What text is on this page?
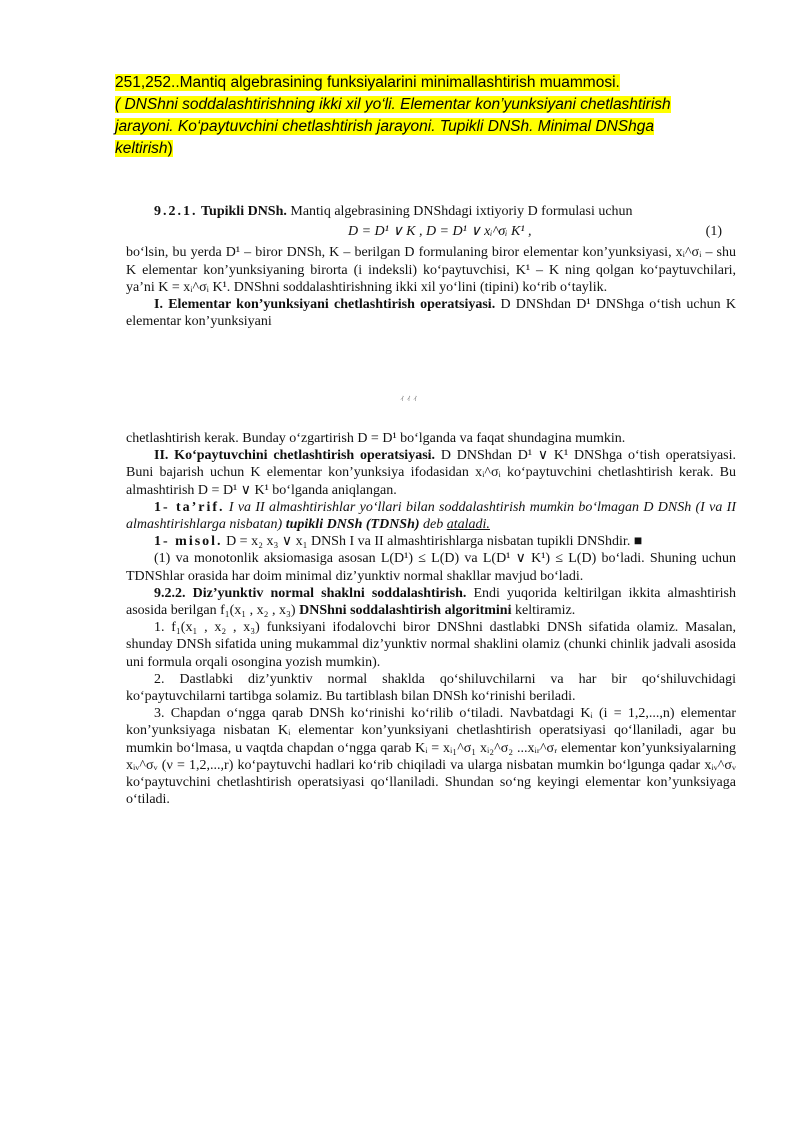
251,252..Mantiq algebrasining funksiyalarini minimallashtirish muammosi.
( DNShni soddalashtirishning ikki xil yo‘li. Elementar kon’yunksiyani chetlashtirish
jarayoni. Ko‘paytuvchini chetlashtirish jarayoni. Tupikli DNSh. Minimal DNShga
keltirish)

9.2.1. Tupikli DNSh. Mantiq algebrasining DNShdagi ixtiyoriy D formulasi uchun

D = D¹ ∨ K , D = D¹ ∨ xᵢ^σᵢ K¹ ,	(1)

bo‘lsin, bu yerda D¹ – biror DNSh, K – berilgan D formulaning biror elementar kon’yunksiyasi, xᵢ^σᵢ – shu K elementar kon’yunksiyaning birorta (i indeksli) ko‘paytuvchisi, K¹ – K ning qolgan ko‘paytuvchilari, ya’ni K = xᵢ^σᵢ K¹. DNShni soddalashtirishning ikki xil yo‘lini (tipini) ko‘rib o‘taylik.

I. Elementar kon’yunksiyani chetlashtirish operatsiyasi. D DNShdan D¹ DNShga o‘tish uchun K elementar kon’yunksiyani

ｨｨｨ

chetlashtirish kerak. Bunday o‘zgartirish D = D¹ bo‘lganda va faqat shundagina mumkin.

II. Ko‘paytuvchini chetlashtirish operatsiyasi. D DNShdan D¹ ∨ K¹ DNShga o‘tish operatsiyasi. Buni bajarish uchun K elementar kon’yunksiya ifodasidan xᵢ^σᵢ ko‘paytuvchini chetlashtirish kerak. Bu almashtirish D = D¹ ∨ K¹ bo‘lganda aniqlangan.

1- ta’rif. I va II almashtirishlar yo‘llari bilan soddalashtirish mumkin bo‘lmagan D DNSh (I va II almashtirishlarga nisbatan) tupikli DNSh (TDNSh) deb ataladi.

1- misol. D = x₂ x₃ ∨ x₁ DNSh I va II almashtirishlarga nisbatan tupikli DNShdir. ■

(1) va monotonlik aksiomasiga asosan L(D¹) ≤ L(D) va L(D¹ ∨ K¹) ≤ L(D) bo‘ladi. Shuning uchun TDNShlar orasida har doim minimal diz’yunktiv normal shakllar mavjud bo‘ladi.

9.2.2. Diz’yunktiv normal shaklni soddalashtirish. Endi yuqorida keltirilgan ikkita almashtirish asosida berilgan f₁(x₁ , x₂ , x₃) DNShni soddalashtirish algoritmini keltiramiz.

1. f₁(x₁ , x₂ , x₃) funksiyani ifodalovchi biror DNShni dastlabki DNSh sifatida olamiz. Masalan, shunday DNSh sifatida uning mukammal diz’yunktiv normal shaklini olamiz (chunki chinlik jadvali asosida uni formula orqali osongina yozish mumkin).

2. Dastlabki diz’yunktiv normal shaklda qo‘shiluvchilarni va har bir qo‘shiluvchidagi ko‘paytuvchilarni tartibga solamiz. Bu tartiblash bilan DNSh ko‘rinishi beriladi.

3. Chapdan o‘ngga qarab DNSh ko‘rinishi ko‘rilib o‘tiladi. Navbatdagi Kᵢ (i = 1,2,...,n) elementar kon’yunksiyaga nisbatan Kᵢ elementar kon’yunksiyani chetlashtirish operatsiyasi qo‘llaniladi, agar bu mumkin bo‘lmasa, u vaqtda chapdan o‘ngga qarab Kᵢ = xᵢ₁^σ₁ xᵢ₂^σ₂ ...xᵢᵣ^σᵣ elementar kon’yunksiyalarning xᵢᵥ^σᵥ (ν = 1,2,...,r) ko‘paytuvchi hadlari ko‘rib chiqiladi va ularga nisbatan mumkin bo‘lgunga qadar xᵢᵥ^σᵥ ko‘paytuvchini chetlashtirish operatsiyasi qo‘llaniladi. Shundan so‘ng keyingi elementar kon’yunksiyaga o‘tiladi.
